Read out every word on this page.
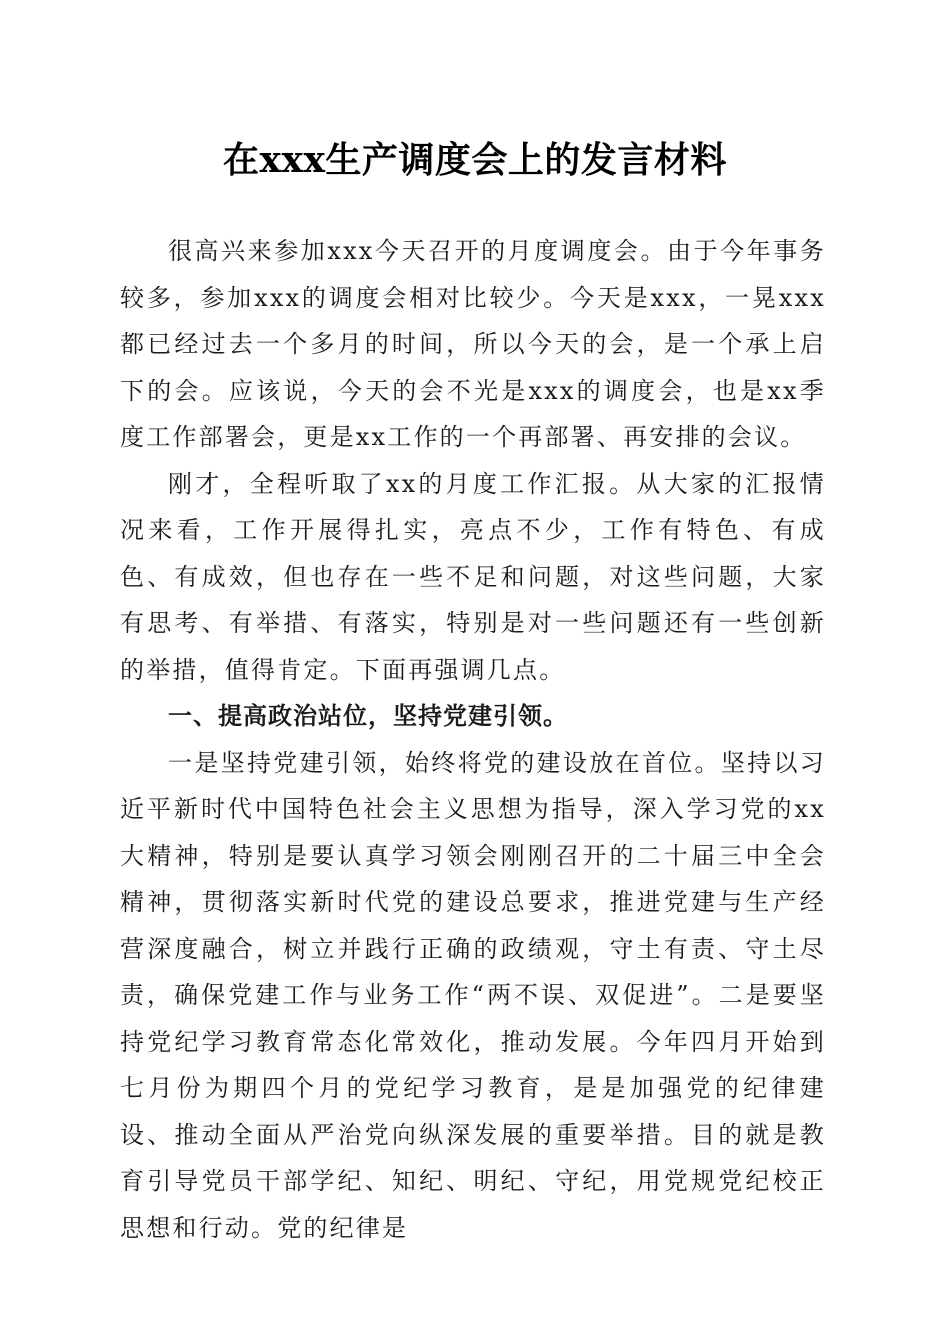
在xxx生产调度会上的发言材料

很高兴来参加xxx今天召开的月度调度会。由于今年事务较多，参加xxx的调度会相对比较少。今天是xxx，一晃xxx都已经过去一个多月的时间，所以今天的会，是一个承上启下的会。应该说，今天的会不光是xxx的调度会，也是xx季度工作部署会，更是xx工作的一个再部署、再安排的会议。

刚才，全程听取了xx的月度工作汇报。从大家的汇报情况来看，工作开展得扎实，亮点不少，工作有特色、有成色、有成效，但也存在一些不足和问题，对这些问题，大家有思考、有举措、有落实，特别是对一些问题还有一些创新的举措，值得肯定。下面再强调几点。

一、提高政治站位，坚持党建引领。

一是坚持党建引领，始终将党的建设放在首位。坚持以习近平新时代中国特色社会主义思想为指导，深入学习党的xx大精神，特别是要认真学习领会刚刚召开的二十届三中全会精神，贯彻落实新时代党的建设总要求，推进党建与生产经营深度融合，树立并践行正确的政绩观，守土有责、守土尽责，确保党建工作与业务工作“两不误、双促进”。二是要坚持党纪学习教育常态化常效化，推动发展。今年四月开始到七月份为期四个月的党纪学习教育，是是加强党的纪律建设、推动全面从严治党向纵深发展的重要举措。目的就是教育引导党员干部学纪、知纪、明纪、守纪，用党规党纪校正思想和行动。党的纪律是
